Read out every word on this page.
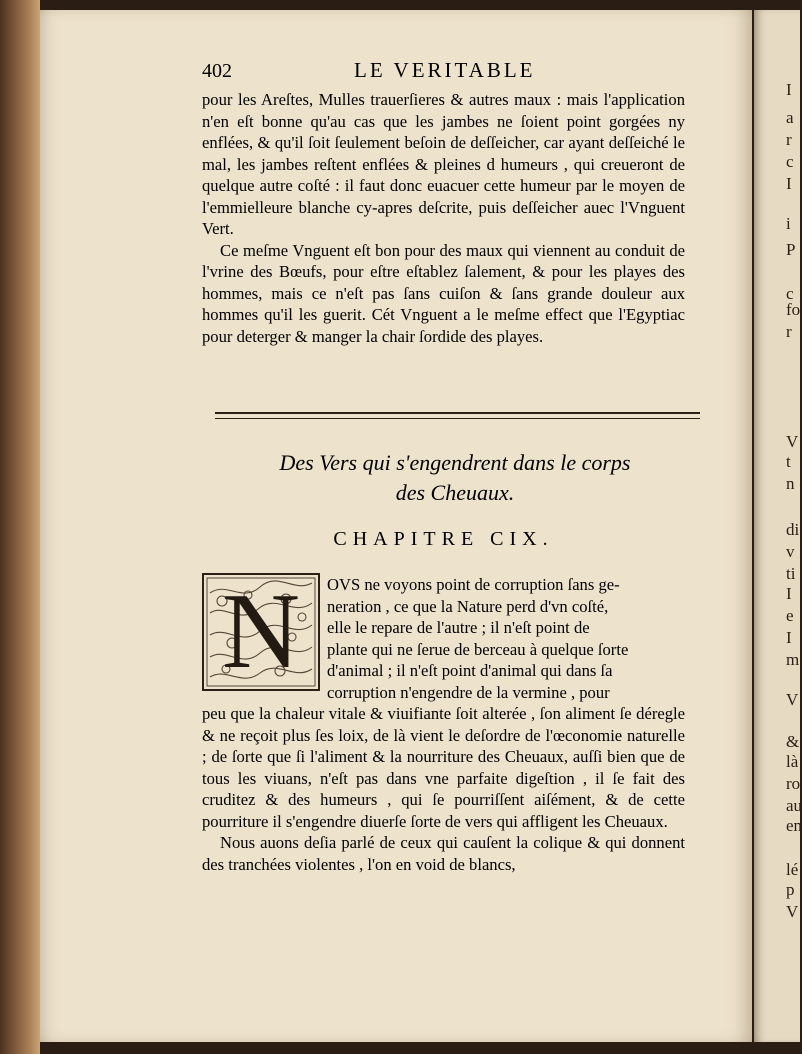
I
a
r
c
I
i
P
c
fo
r
V
t
n
di
v
ti
I
e
I
m
V
&
là
ro
au
en
lé
p
V
402	LE VERITABLE

pour les Areſtes, Mulles trauerſieres & autres maux : mais l'application n'en eſt bonne qu'au cas que les jambes ne ſoient point gorgées ny enflées, & qu'il ſoit ſeulement beſoin de deſſeicher, car ayant deſſeiché le mal, les jambes reſtent enflées & pleines d humeurs , qui creueront de quelque autre coſté : il faut donc euacuer cette humeur par le moyen de l'emmielleure blanche cy-apres deſcrite, puis deſſeicher auec l'Vnguent Vert.

Ce meſme Vnguent eſt bon pour des maux qui viennent au conduit de l'vrine des Bœufs, pour eſtre eſtablez ſalement, & pour les playes des hommes, mais ce n'eſt pas ſans cuiſon & ſans grande douleur aux hommes qu'il les guerit. Cét Vnguent a le meſme effect que l'Egyptiac pour deterger & manger la chair ſordide des playes.

Des Vers qui s'engendrent dans le corps
des Cheuaux.
CHAPITRE CIX.
N	OVS ne voyons point de corruption ſans ge-
neration , ce que la Nature perd d'vn coſté,
elle le repare de l'autre ; il n'eſt point de
plante qui ne ſerue de berceau à quelque ſorte
d'animal ; il n'eſt point d'animal qui dans ſa
corruption n'engendre de la vermine , pour

peu que la chaleur vitale & viuifiante ſoit alterée , ſon aliment ſe déregle & ne reçoit plus ſes loix, de là vient le deſordre de l'œconomie naturelle ; de ſorte que ſi l'aliment & la nourriture des Cheuaux, auſſi bien que de tous les viuans, n'eſt pas dans vne parfaite digeſtion , il ſe fait des cruditez & des humeurs , qui ſe pourriſſent aiſément, & de cette pourriture il s'engendre diuerſe ſorte de vers qui affligent les Cheuaux.

Nous auons deſia parlé de ceux qui cauſent la colique & qui donnent des tranchées violentes , l'on en void de blancs,
